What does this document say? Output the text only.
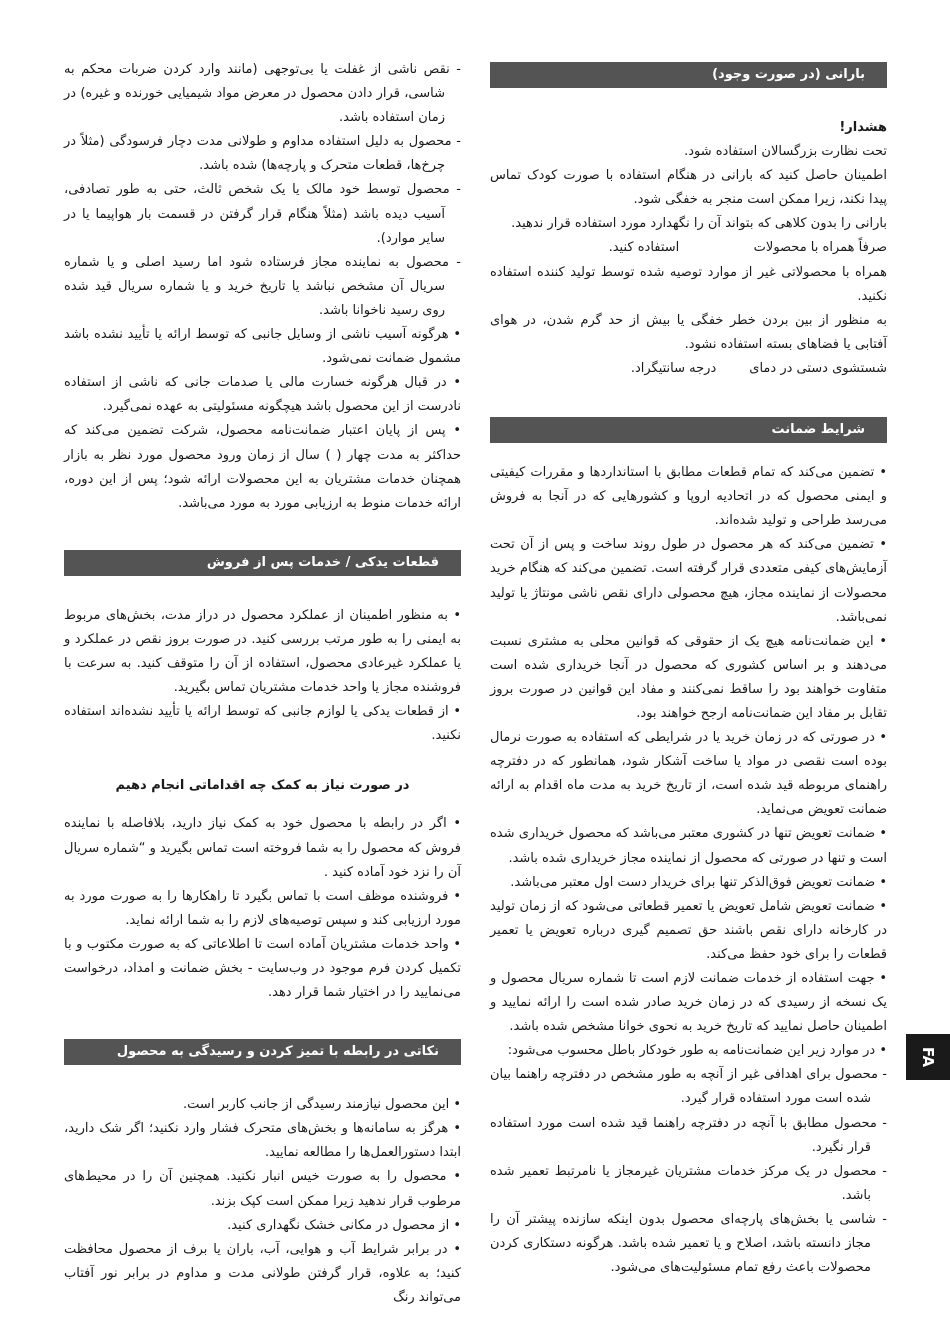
بارانی (در صورت وجود)

هشدار!

تحت نظارت بزرگسالان استفاده شود.

اطمینان حاصل کنید که بارانی در هنگام استفاده با صورت کودک تماس پیدا نکند، زیرا ممکن است منجر به خفگی شود.

بارانی را بدون کلاهی که بتواند آن را نگهدارد مورد استفاده قرار ندهید.

صرفاً همراه با محصولات                  استفاده کنید.

همراه با محصولاتی غیر از موارد توصیه شده توسط تولید کننده استفاده نکنید.

به منظور از بین بردن خطر خفگی یا بیش از حد گرم شدن، در هوای آفتابی یا فضاهای بسته استفاده نشود.

شستشوی دستی در دمای        درجه سانتیگراد.

شرایط ضمانت

• تضمین می‌کند که تمام قطعات مطابق با استانداردها و مقررات کیفیتی و ایمنی محصول که در اتحادیه اروپا و کشورهایی که در آنجا به فروش می‌رسد طراحی و تولید شده‌اند.

• تضمین می‌کند که هر محصول در طول روند ساخت و پس از آن تحت آزمایش‌های کیفی متعددی قرار گرفته است. تضمین می‌کند که هنگام خرید محصولات از نماینده مجاز، هیچ محصولی دارای نقص ناشی مونتاژ یا تولید نمی‌باشد.

• این ضمانت‌نامه هیچ یک از حقوقی که قوانین محلی به مشتری نسبت می‌دهند و بر اساس کشوری که محصول در آنجا خریداری شده است متفاوت خواهند بود را ساقط نمی‌کنند و مفاد این قوانین در صورت بروز تقابل بر مفاد این ضمانت‌نامه ارجح خواهند بود.

• در صورتی که در زمان خرید یا در شرایطی که استفاده به صورت نرمال بوده است نقصی در مواد یا ساخت آشکار شود، همانطور که در دفترچه راهنمای مربوطه قید شده است، از تاریخ خرید به مدت ماه اقدام به ارائه ضمانت تعویض می‌نماید.

• ضمانت تعویض تنها در کشوری معتبر می‌باشد که محصول خریداری شده است و تنها در صورتی که محصول از نماینده مجاز خریداری شده باشد.

• ضمانت تعویض فوق‌الذکر تنها برای خریدار دست اول معتبر می‌باشد.

• ضمانت تعویض شامل تعویض یا تعمیر قطعاتی می‌شود که از زمان تولید در کارخانه دارای نقص باشند حق تصمیم گیری درباره تعویض یا تعمیر قطعات را برای خود حفظ می‌کند.

• جهت استفاده از خدمات ضمانت لازم است تا شماره سریال محصول و یک نسخه از رسیدی که در زمان خرید صادر شده است را ارائه نمایید و اطمینان حاصل نمایید که تاریخ خرید به نحوی خوانا مشخص شده باشد.

• در موارد زیر این ضمانت‌نامه به طور خودکار باطل محسوب می‌شود:

- محصول برای اهدافی غیر از آنچه به طور مشخص در دفترچه راهنما بیان شده است مورد استفاده قرار گیرد.

- محصول مطابق با آنچه در دفترچه راهنما قید شده است مورد استفاده قرار نگیرد.

- محصول در یک مرکز خدمات مشتریان غیرمجاز یا نامرتبط تعمیر شده باشد.

- شاسی یا بخش‌های پارچه‌ای محصول بدون اینکه سازنده پیشتر آن را مجاز دانسته باشد، اصلاح و یا تعمیر شده باشد. هرگونه دستکاری کردن محصولات باعث رفع تمام مسئولیت‌های می‌شود.

- نقص ناشی از غفلت یا بی‌توجهی (مانند وارد کردن ضربات محکم به شاسی، قرار دادن محصول در معرض مواد شیمیایی خورنده و غیره) در زمان استفاده باشد.

- محصول به دلیل استفاده مداوم و طولانی مدت دچار فرسودگی (مثلاً در چرخ‌ها، قطعات متحرک و پارچه‌ها) شده باشد.

- محصول توسط خود مالک یا یک شخص ثالث، حتی به طور تصادفی، آسیب دیده باشد (مثلاً هنگام قرار گرفتن در قسمت بار هواپیما یا در سایر موارد).

- محصول به نماینده مجاز فرستاده شود اما رسید اصلی و یا شماره سریال آن مشخص نباشد یا تاریخ خرید و یا شماره سریال قید شده روی رسید ناخوانا باشد.

• هرگونه آسیب ناشی از وسایل جانبی که توسط ارائه یا تأیید نشده باشد مشمول ضمانت نمی‌شود.

• در قبال هرگونه خسارت مالی یا صدمات جانی که ناشی از استفاده نادرست از این محصول باشد هیچگونه مسئولیتی به عهده نمی‌گیرد.

• پس از پایان اعتبار ضمانت‌نامه محصول، شرکت تضمین می‌کند که حداکثر به مدت چهار ( ) سال از زمان ورود محصول مورد نظر به بازار همچنان خدمات مشتریان به این محصولات ارائه شود؛ پس از این دوره، ارائه خدمات منوط به ارزیابی مورد به مورد می‌باشد.

قطعات یدکی / خدمات پس از فروش

• به منظور اطمینان از عملکرد محصول در دراز مدت، بخش‌های مربوط به ایمنی را به طور مرتب بررسی کنید. در صورت بروز نقص در عملکرد و یا عملکرد غیرعادی محصول، استفاده از آن را متوقف کنید. به سرعت با فروشنده مجاز یا واحد خدمات مشتریان تماس بگیرید.

• از قطعات یدکی یا لوازم جانبی که توسط ارائه یا تأیید نشده‌اند استفاده نکنید.

در صورت نیاز به کمک چه اقداماتی انجام دهیم

• اگر در رابطه با محصول خود به کمک نیاز دارید، بلافاصله با نماینده فروش که محصول را به شما فروخته است تماس بگیرید و “شماره سریال آن را نزد خود آماده کنید .

• فروشنده موظف است با تماس بگیرد تا راهکارها را به صورت مورد به مورد ارزیابی کند و سپس توصیه‌های لازم را به شما ارائه نماید.

• واحد خدمات مشتریان آماده است تا اطلاعاتی که به صورت مکتوب و با تکمیل کردن فرم موجود در وب‌سایت - بخش ضمانت و امداد، درخواست می‌نمایید را در اختیار شما قرار دهد.

نکاتی در رابطه با تمیز کردن و رسیدگی به محصول

• این محصول نیازمند رسیدگی از جانب کاربر است.

• هرگز به سامانه‌ها و بخش‌های متحرک فشار وارد نکنید؛ اگر شک دارید، ابتدا دستورالعمل‌ها را مطالعه نمایید.

• محصول را به صورت خیس انبار نکنید. همچنین آن را در محیط‌های مرطوب قرار ندهید زیرا ممکن است کپک بزند.

• از محصول در مکانی خشک نگهداری کنید.

• در برابر شرایط آب و هوایی، آب، باران یا برف از محصول محافظت کنید؛ به علاوه، قرار گرفتن طولانی مدت و مداوم در برابر نور آفتاب می‌تواند رنگ

FA
